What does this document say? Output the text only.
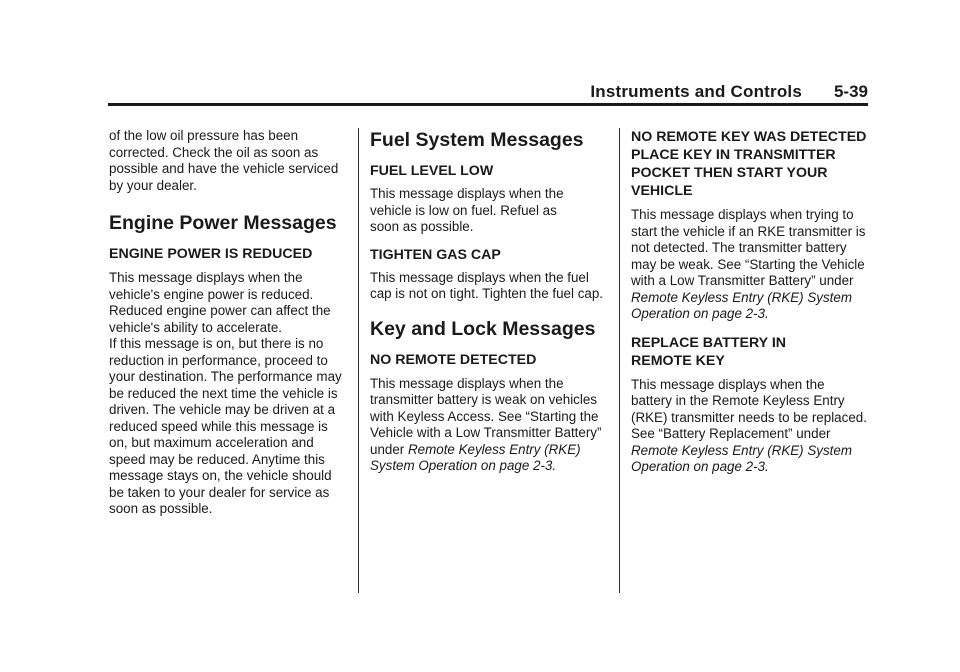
Instruments and Controls 5-39

of the low oil pressure has been corrected. Check the oil as soon as possible and have the vehicle serviced by your dealer.

Engine Power Messages
ENGINE POWER IS REDUCED

This message displays when the vehicle's engine power is reduced. Reduced engine power can affect the vehicle's ability to accelerate.

If this message is on, but there is no reduction in performance, proceed to your destination. The performance may be reduced the next time the vehicle is driven. The vehicle may be driven at a reduced speed while this message is on, but maximum acceleration and speed may be reduced. Anytime this message stays on, the vehicle should be taken to your dealer for service as soon as possible.

Fuel System Messages
FUEL LEVEL LOW

This message displays when the vehicle is low on fuel. Refuel as soon as possible.

TIGHTEN GAS CAP

This message displays when the fuel cap is not on tight. Tighten the fuel cap.

Key and Lock Messages
NO REMOTE DETECTED

This message displays when the transmitter battery is weak on vehicles with Keyless Access. See “Starting the Vehicle with a Low Transmitter Battery” under Remote Keyless Entry (RKE) System Operation on page 2-3.

NO REMOTE KEY WAS DETECTED PLACE KEY IN TRANSMITTER POCKET THEN START YOUR VEHICLE

This message displays when trying to start the vehicle if an RKE transmitter is not detected. The transmitter battery may be weak. See “Starting the Vehicle with a Low Transmitter Battery” under Remote Keyless Entry (RKE) System Operation on page 2-3.

REPLACE BATTERY IN REMOTE KEY

This message displays when the battery in the Remote Keyless Entry (RKE) transmitter needs to be replaced. See “Battery Replacement” under Remote Keyless Entry (RKE) System Operation on page 2-3.
